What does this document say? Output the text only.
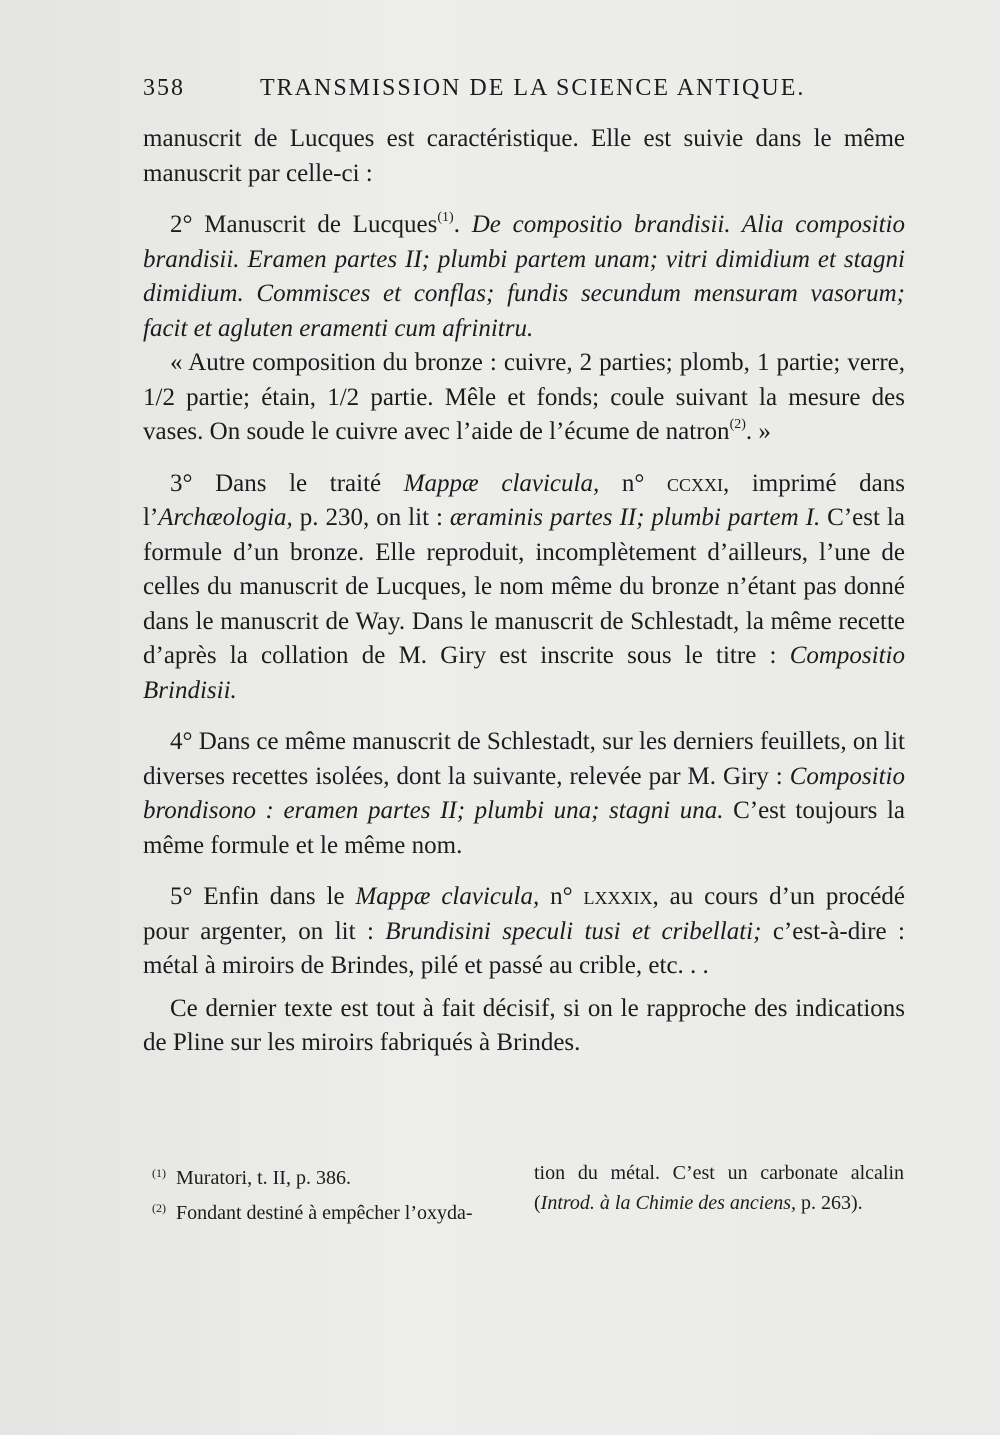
358	TRANSMISSION DE LA SCIENCE ANTIQUE.

manuscrit de Lucques est caractéristique. Elle est suivie dans le même manuscrit par celle-ci :

2° Manuscrit de Lucques$^{(1)}$. De compositio brandisii. Alia compositio brandisii. Eramen partes II; plumbi partem unam; vitri dimidium et stagni dimidium. Commisces et conflas; fundis secundum mensuram vasorum; facit et agluten eramenti cum afrinitru.

« Autre composition du bronze : cuivre, 2 parties; plomb, 1 partie; verre, 1/2 partie; étain, 1/2 partie. Mêle et fonds; coule suivant la mesure des vases. On soude le cuivre avec l’aide de l’écume de natron$^{(2)}$. »

3° Dans le traité Mappæ clavicula, n° ccxxi, imprimé dans l’Archæologia, p. 230, on lit : æraminis partes II; plumbi partem I. C’est la formule d’un bronze. Elle reproduit, incomplètement d’ailleurs, l’une de celles du manuscrit de Lucques, le nom même du bronze n’étant pas donné dans le manuscrit de Way. Dans le manuscrit de Schlestadt, la même recette d’après la collation de M. Giry est inscrite sous le titre : Compositio Brindisii.

4° Dans ce même manuscrit de Schlestadt, sur les derniers feuillets, on lit diverses recettes isolées, dont la suivante, relevée par M. Giry : Compositio brondisono : eramen partes II; plumbi una; stagni una. C’est toujours la même formule et le même nom.

5° Enfin dans le Mappæ clavicula, n° lxxxix, au cours d’un procédé pour argenter, on lit : Brundisini speculi tusi et cribellati; c’est-à-dire : métal à miroirs de Brindes, pilé et passé au crible, etc. . .

Ce dernier texte est tout à fait décisif, si on le rapproche des indications de Pline sur les miroirs fabriqués à Brindes.

$^{(1)}$ Muratori, t. II, p. 386.

$^{(2)}$ Fondant destiné à empêcher l’oxyda-

tion du métal. C’est un carbonate alcalin (Introd. à la Chimie des anciens, p. 263).
